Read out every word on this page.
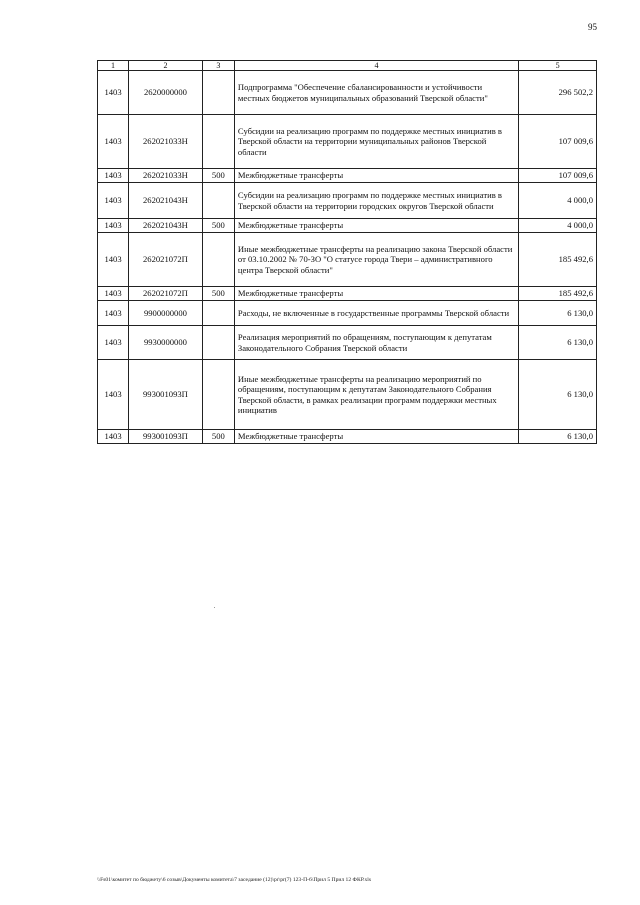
95
1	2	3	4	5
1403	2620000000		Подпрограмма "Обеспечение сбалансированности и устойчивости местных бюджетов муниципальных образований Тверской области"	296 502,2
1403	262021033Н		Субсидии на реализацию программ по поддержке местных инициатив в Тверской области на территории муниципальных районов Тверской области	107 009,6
1403	262021033Н	500	Межбюджетные трансферты	107 009,6
1403	262021043Н		Субсидии на реализацию программ по поддержке местных инициатив в Тверской области на территории городских округов Тверской области	4 000,0
1403	262021043Н	500	Межбюджетные трансферты	4 000,0
1403	262021072П		Иные межбюджетные трансферты на реализацию закона Тверской области от 03.10.2002 № 70-ЗО "О статусе города Твери – административного центра Тверской области"	185 492,6
1403	262021072П	500	Межбюджетные трансферты	185 492,6
1403	9900000000		Расходы, не включенные в государственные программы Тверской области	6 130,0
1403	9930000000		Реализация мероприятий по обращениям, поступающим к депутатам Законодательного Собрания Тверской области	6 130,0
1403	993001093П		Иные межбюджетные трансферты на реализацию мероприятий по обращениям, поступающим к депутатам Законодательного Собрания Тверской области, в рамках реализации программ поддержки местных инициатив	6 130,0
1403	993001093П	500	Межбюджетные трансферты	6 130,0
\\Fs01\комитет по бюджету\6 созыв\Документы комитета\7 заседание (12)\pr\pr(7) 123-П-6\Прил 5 Прил 12 ФКР.xls
